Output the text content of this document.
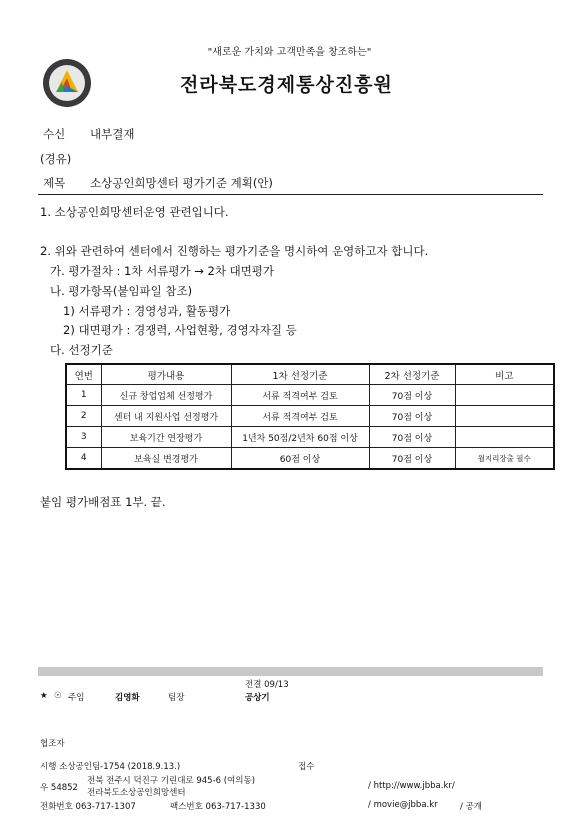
"새로운 가치와 고객만족을 창조하는"
전라북도경제통상진흥원
수신 내부결재
(경유)
제목 소상공인희망센터 평가기준 계획(안)
1. 소상공인희망센터운영 관련입니다.
2. 위와 관련하여 센터에서 진행하는 평가기준을 명시하여 운영하고자 합니다.
가. 평가절차 : 1차 서류평가 → 2차 대면평가
나. 평가항목(붙임파일 참조)
1) 서류평가 : 경영성과, 활동평가
2) 대면평가 : 경쟁력, 사업현황, 경영자자질 등
다. 선정기준
연번	평가내용	1차 선정기준	2차 선정기준	비고
1	신규 창업업체 선정평가	서류 적격여부 검토	70점 이상	
2	센터 내 지원사업 선정평가	서류 적격여부 검토	70점 이상	
3	보육기간 연장평가	1년차 50점/2년차 60점 이상	70점 이상	
4	보육실 변경평가	60점 이상	70점 이상	월지리장출 필수
붙임 평가배점표 1부. 끝.
전결 09/13
★ ☉ 주임	김영화	팀장	공상기
협조자
시행 소상공인팀-1754 (2018.9.13.)	접수
우 54852
전북 전주시 덕진구 기린대로 945-6 (여의동)
전라북도소상공인희망센터
/ http://www.jbba.kr/
전화번호 063-717-1307	팩스번호 063-717-1330	/ movie@jbba.kr	/ 공개
